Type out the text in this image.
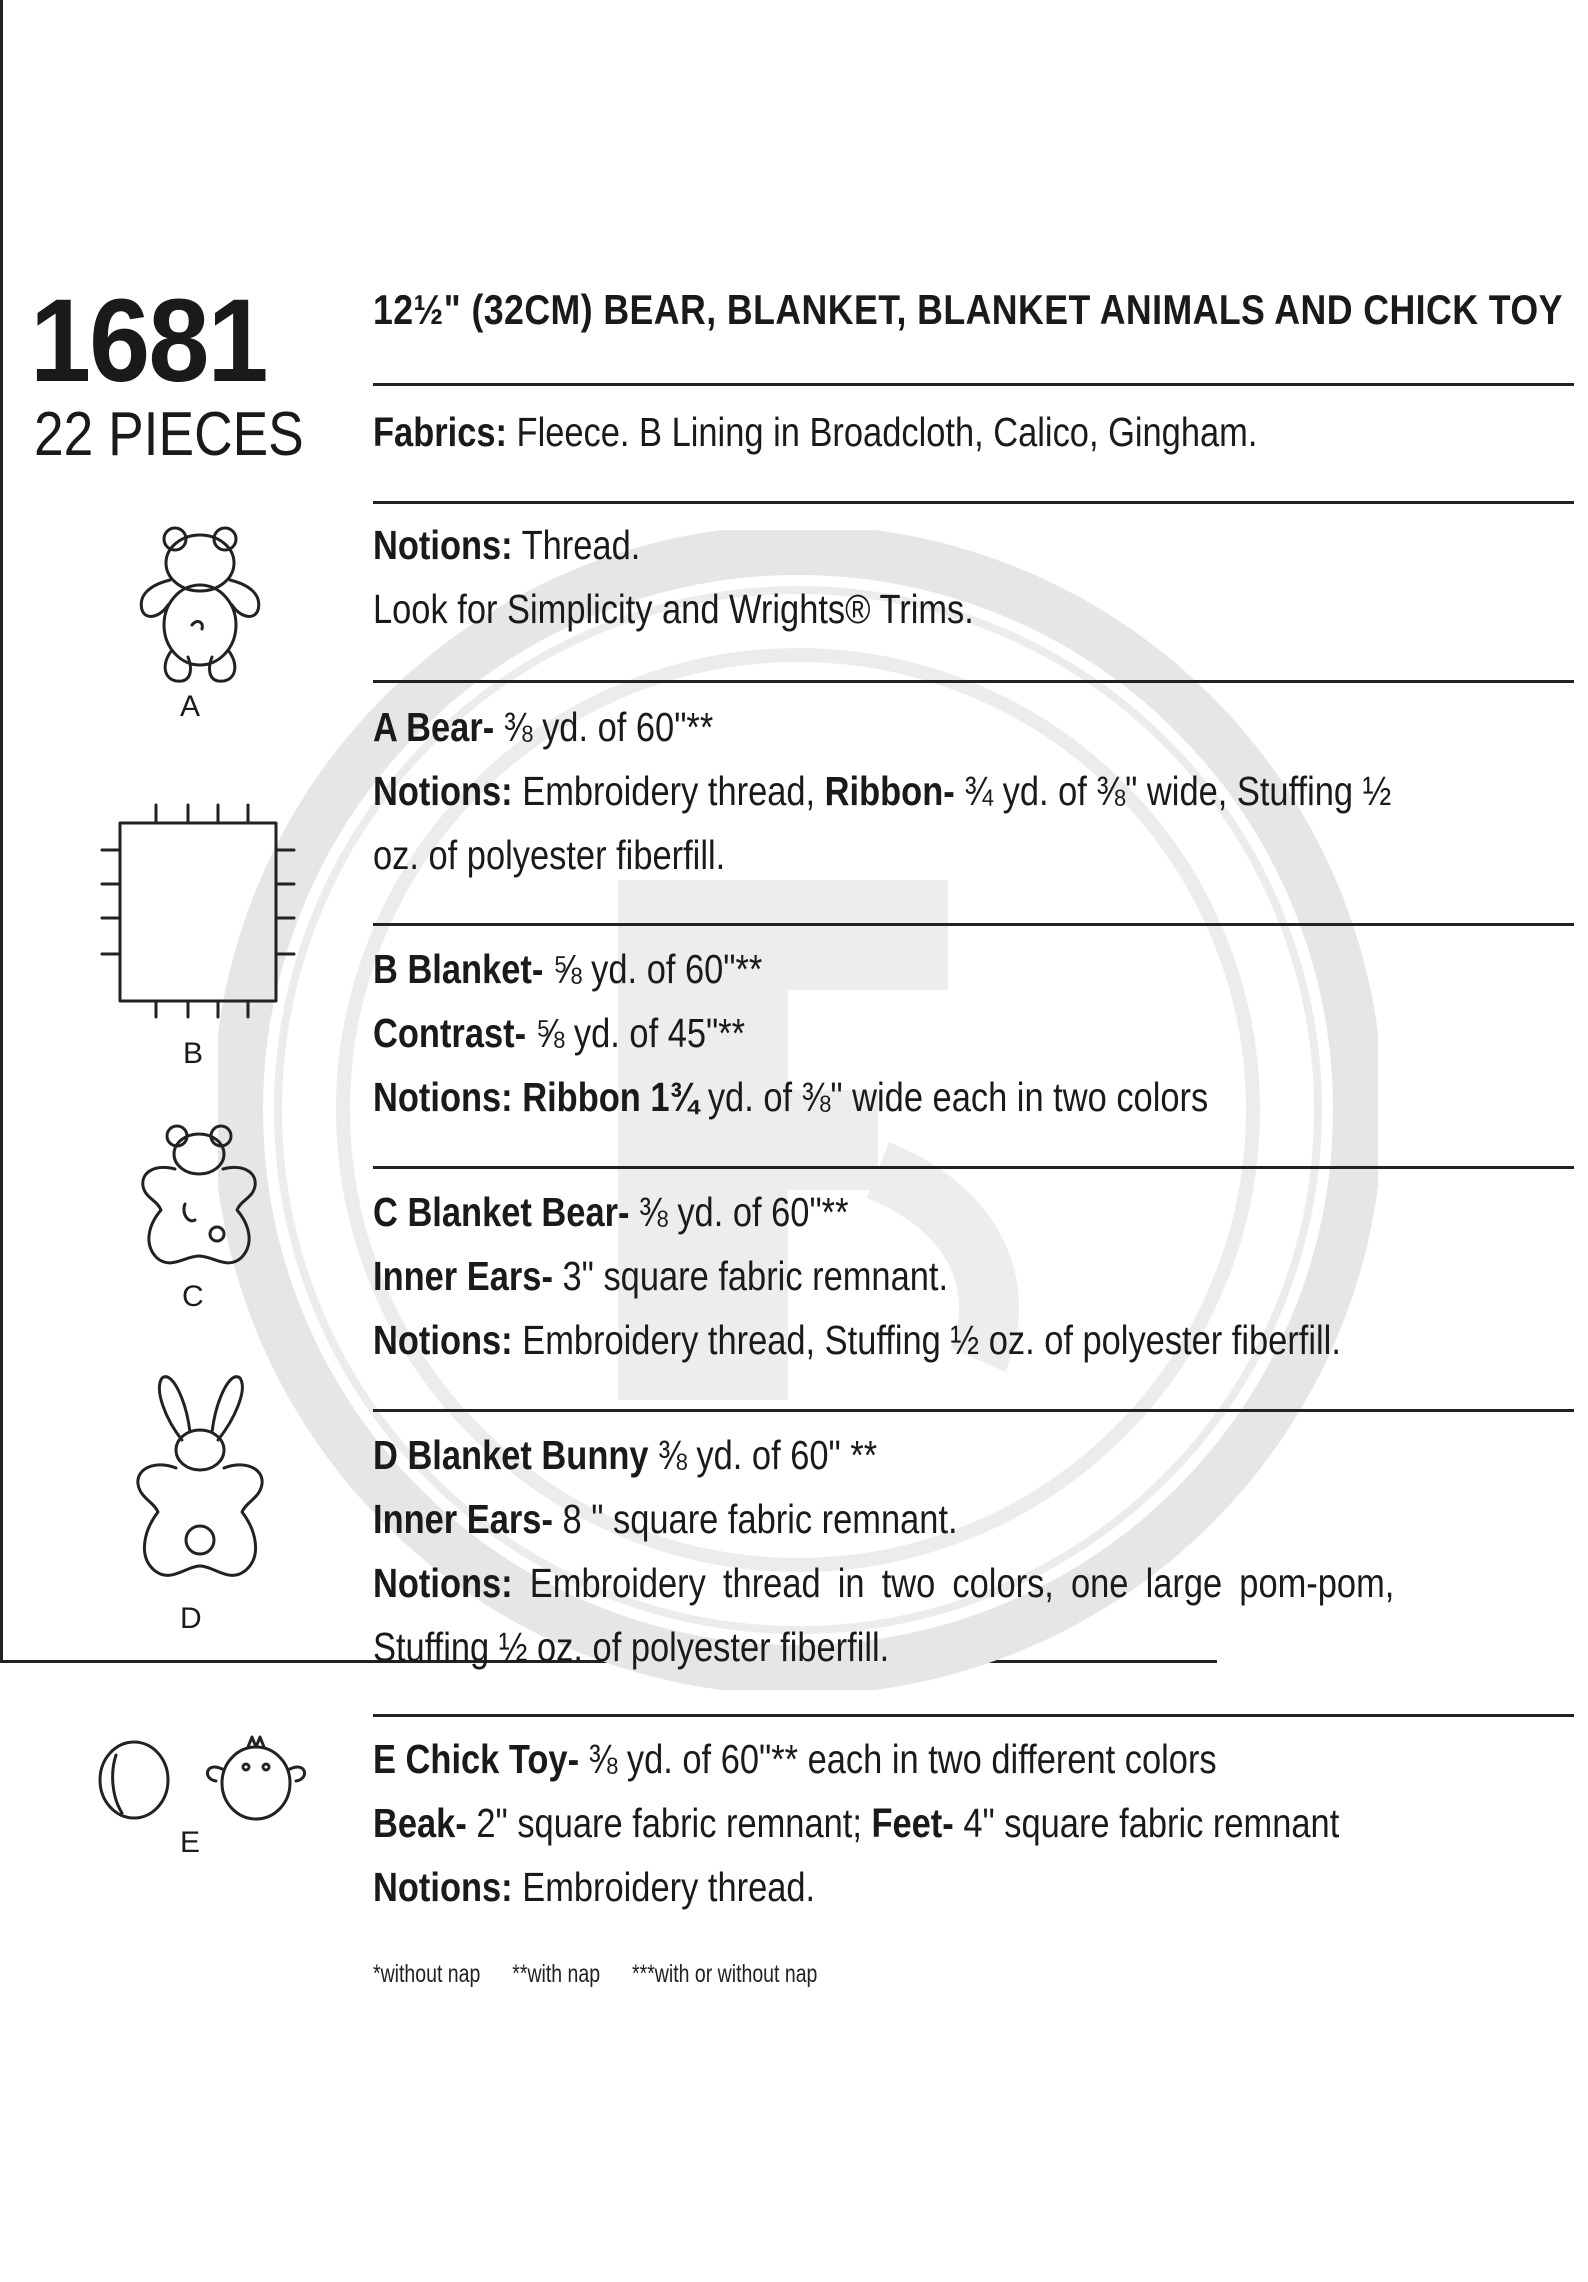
1681
22 PIECES
12½" (32CM) BEAR, BLANKET, BLANKET ANIMALS AND CHICK TOY
Fabrics: Fleece. B Lining in Broadcloth, Calico, Gingham.
Notions: Thread.
Look for Simplicity and Wrights® Trims.
A Bear- ⅜ yd. of 60"**
Notions: Embroidery thread, Ribbon- ¾ yd. of ⅜" wide, Stuffing ½
oz. of polyester fiberfill.
B Blanket- ⅝ yd. of 60"**
Contrast- ⅝ yd. of 45"**
Notions: Ribbon 1¾ yd. of ⅜" wide each in two colors
C Blanket Bear- ⅜ yd. of 60"**
Inner Ears- 3" square fabric remnant.
Notions: Embroidery thread, Stuffing ½ oz. of polyester fiberfill.
D Blanket Bunny ⅜ yd. of 60" **
Inner Ears- 8 " square fabric remnant.
Notions: Embroidery thread in two colors, one large pom-pom,
Stuffing ½ oz. of polyester fiberfill.
E Chick Toy- ⅜ yd. of 60"** each in two different colors
Beak- 2" square fabric remnant; Feet- 4" square fabric remnant
Notions: Embroidery thread.
*without nap **with nap ***with or without nap
A
B
C
D
E
